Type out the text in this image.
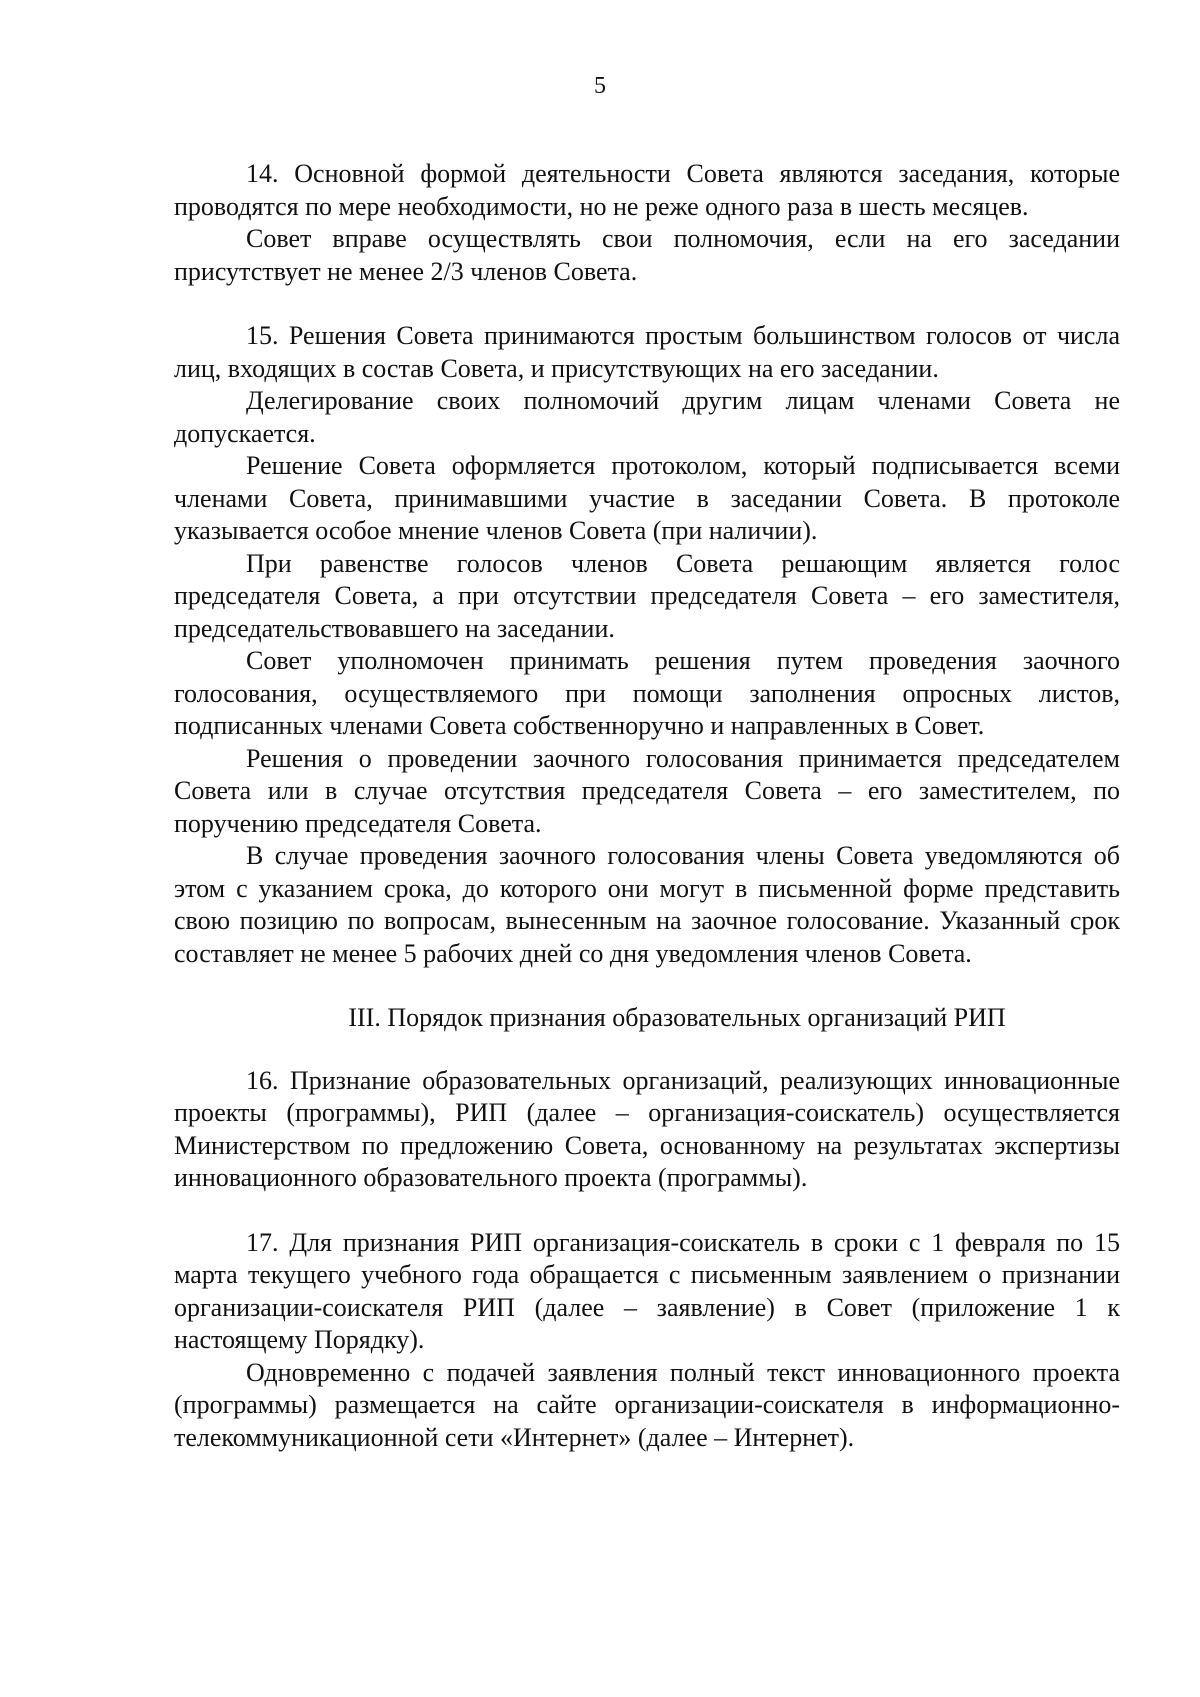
5

14. Основной формой деятельности Совета являются заседания, которые проводятся по мере необходимости, но не реже одного раза в шесть месяцев.

Совет вправе осуществлять свои полномочия, если на его заседании присутствует не менее 2/3 членов Совета.

15. Решения Совета принимаются простым большинством голосов от числа лиц, входящих в состав Совета, и присутствующих на его заседании.

Делегирование своих полномочий другим лицам членами Совета не допускается.

Решение Совета оформляется протоколом, который подписывается всеми членами Совета, принимавшими участие в заседании Совета. В протоколе указывается особое мнение членов Совета (при наличии).

При равенстве голосов членов Совета решающим является голос председателя Совета, а при отсутствии председателя Совета – его заместителя, председательствовавшего на заседании.

Совет уполномочен принимать решения путем проведения заочного голосования, осуществляемого при помощи заполнения опросных листов, подписанных членами Совета собственноручно и направленных в Совет.

Решения о проведении заочного голосования принимается председателем Совета или в случае отсутствия председателя Совета – его заместителем, по поручению председателя Совета.

В случае проведения заочного голосования члены Совета уведомляются об этом с указанием срока, до которого они могут в письменной форме представить свою позицию по вопросам, вынесенным на заочное голосование. Указанный срок составляет не менее 5 рабочих дней со дня уведомления членов Совета.

III. Порядок признания образовательных организаций РИП

16. Признание образовательных организаций, реализующих инновационные проекты (программы), РИП (далее – организация-соискатель) осуществляется Министерством по предложению Совета, основанному на результатах экспертизы инновационного образовательного проекта (программы).

17. Для признания РИП организация-соискатель в сроки с 1 февраля по 15 марта текущего учебного года обращается с письменным заявлением о признании организации-соискателя РИП (далее – заявление) в Совет (приложение 1 к настоящему Порядку).

Одновременно с подачей заявления полный текст инновационного проекта (программы) размещается на сайте организации-соискателя в информационно-телекоммуникационной сети «Интернет» (далее – Интернет).
